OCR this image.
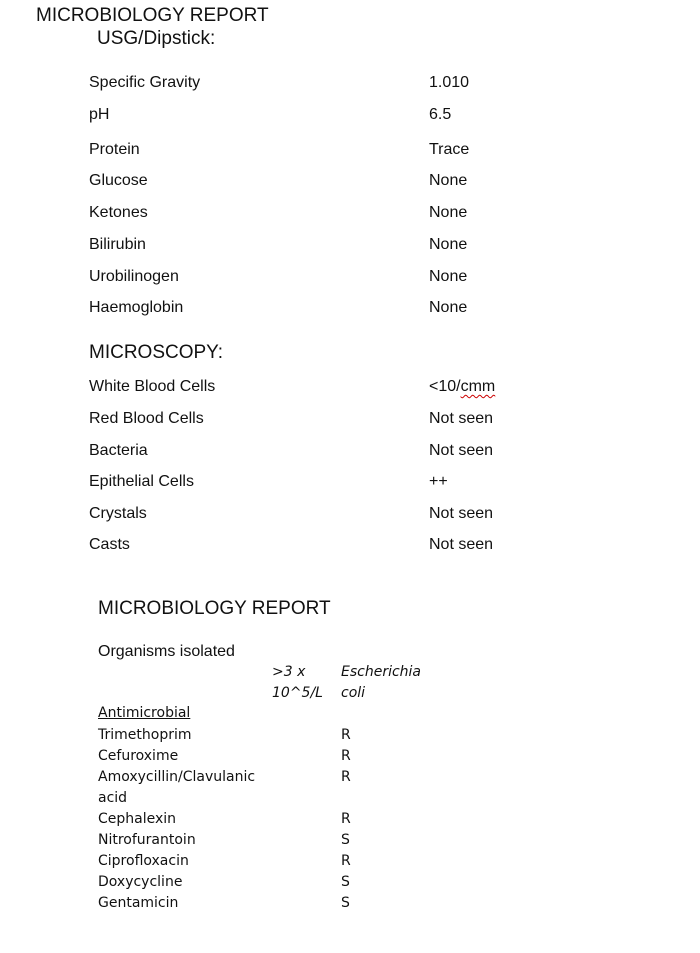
MICROBIOLOGY REPORT
USG/Dipstick:
Specific Gravity	1.010
pH	6.5
Protein	Trace
Glucose	None
Ketones	None
Bilirubin	None
Urobilinogen	None
Haemoglobin	None
MICROSCOPY:
White Blood Cells	<10/cmm
Red Blood Cells	Not seen
Bacteria	Not seen
Epithelial Cells	++
Crystals	Not seen
Casts	Not seen
MICROBIOLOGY REPORT
Organisms isolated
>3 x
10^5/L
Escherichia
coli
Antimicrobial
Trimethoprim	R
Cefuroxime	R
Amoxycillin/Clavulanic	R
acid
Cephalexin	R
Nitrofurantoin	S
Ciprofloxacin	R
Doxycycline	S
Gentamicin	S
